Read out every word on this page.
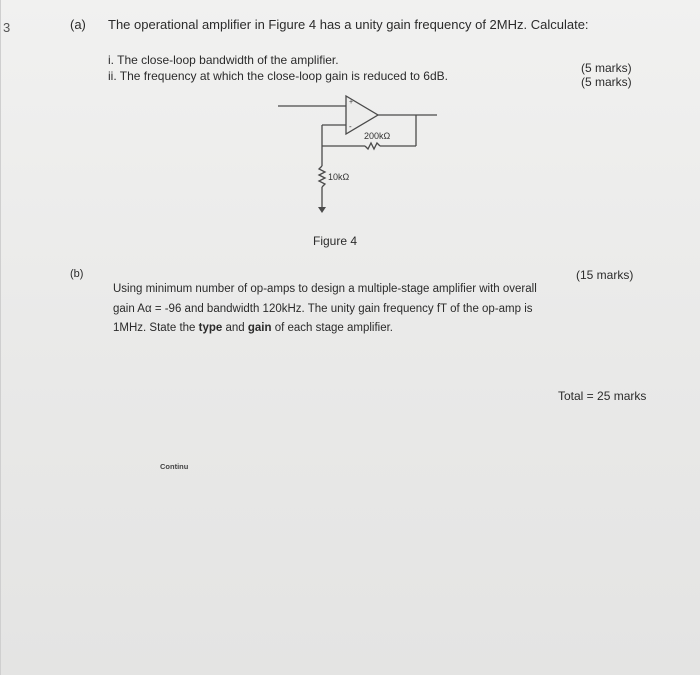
3	(a) The operational amplifier in Figure 4 has a unity gain frequency of 2MHz. Calculate:
i. The close-loop bandwidth of the amplifier.
ii. The frequency at which the close-loop gain is reduced to 6dB.
(5 marks)
(5 marks)
+
-
200kΩ
10kΩ
Figure 4
(b)	(15 marks)
Using minimum number of op-amps to design a multiple-stage amplifier with overall
gain Aα = -96 and bandwidth 120kHz. The unity gain frequency fT of the op-amp is
1MHz. State the type and gain of each stage amplifier.
Total = 25 marks
Continu
